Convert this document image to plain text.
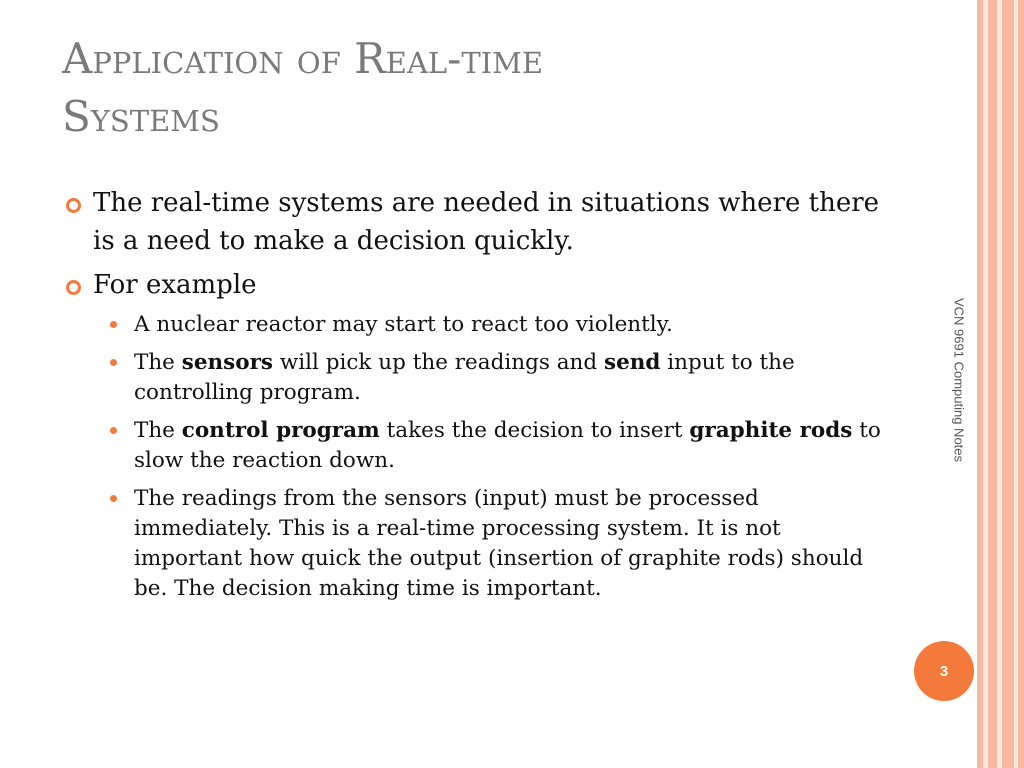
Application of Real-time
Systems
The real-time systems are needed in situations where there is a need to make a decision quickly.
For example
A nuclear reactor may start to react too violently.
The sensors will pick up the readings and send input to the controlling program.
The control program takes the decision to insert graphite rods to slow the reaction down.
The readings from the sensors (input) must be processed immediately. This is a real-time processing system. It is not important how quick the output (insertion of graphite rods) should be. The decision making time is important.
VCN 9691 Computing Notes
3
